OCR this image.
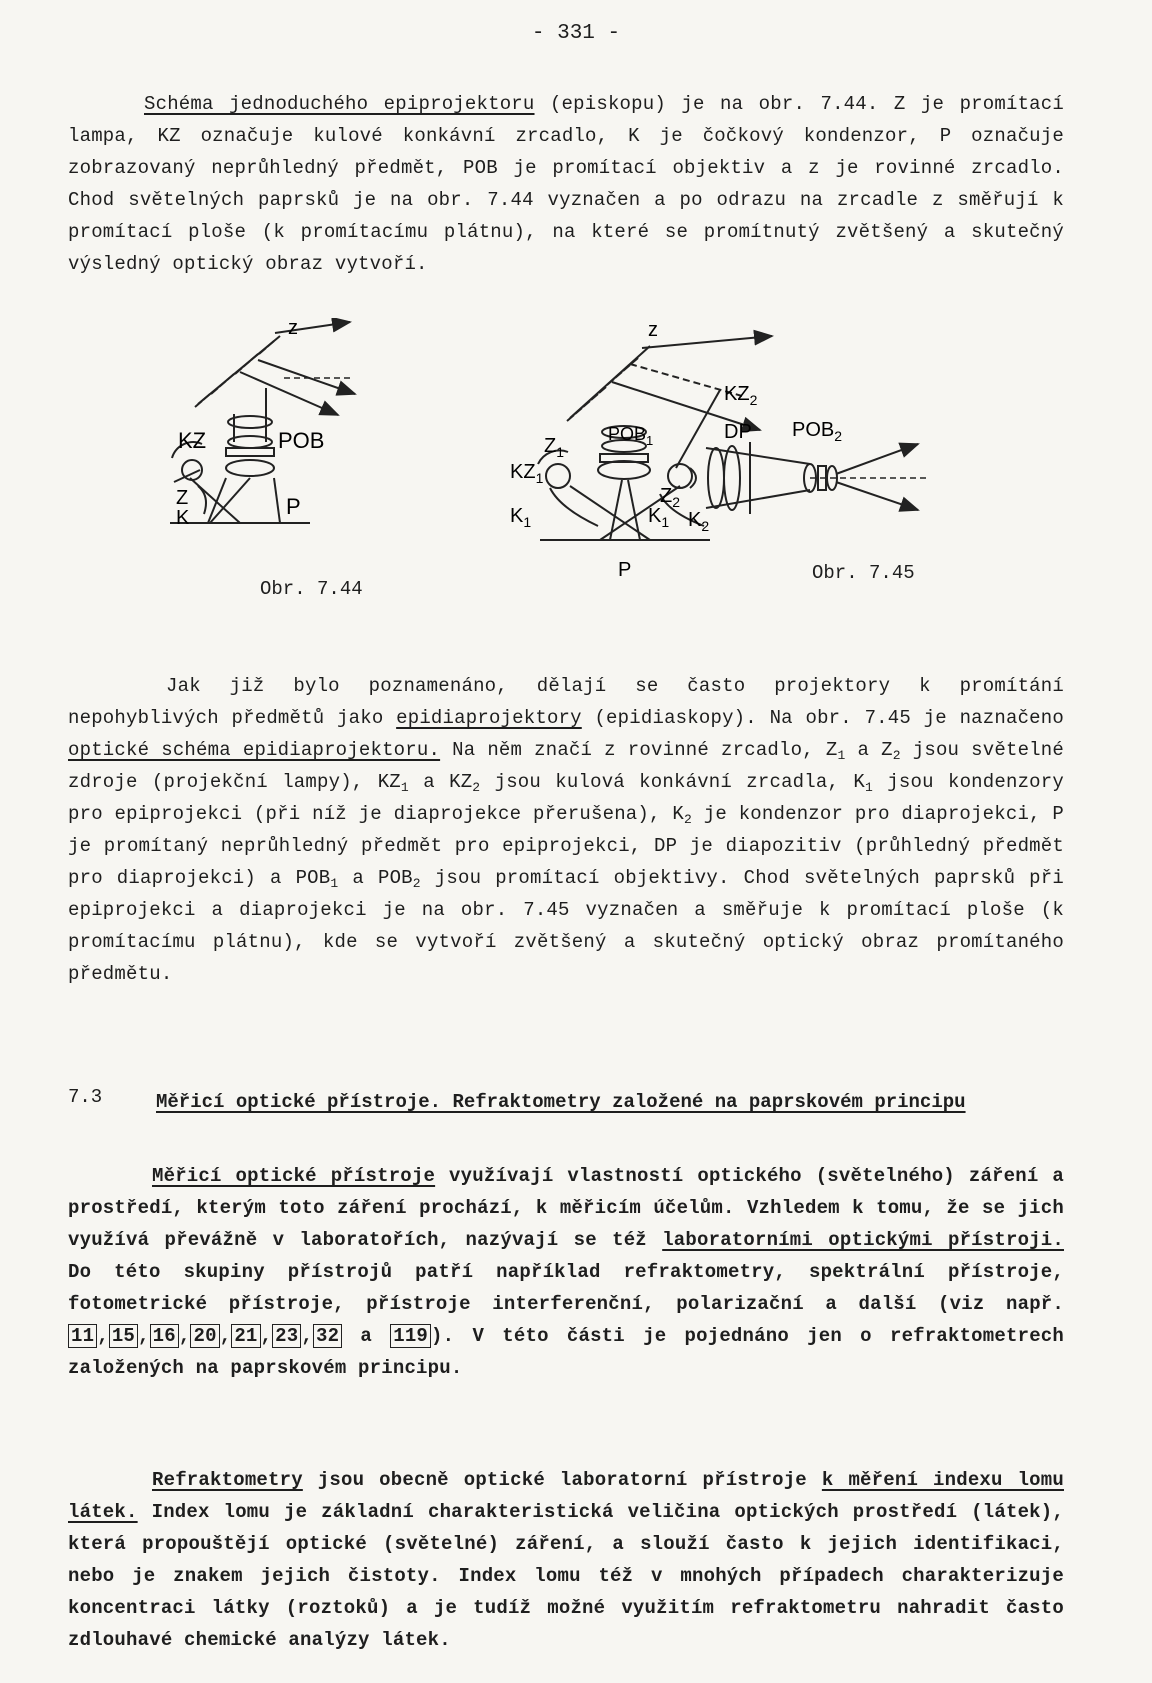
- 331 -

Schéma jednoduchého epiprojektoru (episkopu) je na obr. 7.44. Z je promítací lampa, KZ označuje kulové konkávní zrcadlo, K je čočkový kondenzor, P označuje zobrazovaný neprůhledný předmět, POB je promítací objektiv a z je rovinné zrcadlo. Chod světelných paprsků je na obr. 7.44 vyznačen a po odrazu na zrcadle z směřují k promítací ploše (k promítacímu plátnu), na které se promítnutý zvětšený a skutečný výsledný optický obraz vytvoří.

z
KZ	POB
Z
K	P
Obr. 7.44
z
$KZ_2$
DP $POB_2$
$POB_1$
$Z_1$
$KZ_1$
$K_1$	$K_1$
$Z_2$
$K_2$
P	Obr. 7.45

Jak již bylo poznamenáno, dělají se často projektory k promítání nepohyblivých předmětů jako epidiaprojektory (epidiaskopy). Na obr. 7.45 je naznačeno optické schéma epidiaprojektoru. Na něm značí z rovinné zrcadlo, $Z_1$ a $Z_2$ jsou světelné zdroje (projekční lampy), $KZ_1$ a $KZ_2$ jsou kulová konkávní zrcadla, $K_1$ jsou kondenzory pro epiprojekci (při níž je diaprojekce přerušena), $K_2$ je kondenzor pro diaprojekci, P je promítaný neprůhledný předmět pro epiprojekci, DP je diapozitiv (průhledný předmět pro diaprojekci) a $POB_1$ a $POB_2$ jsou promítací objektivy. Chod světelných paprsků při epiprojekci a diaprojekci je na obr. 7.45 vyznačen a směřuje k promítací ploše (k promítacímu plátnu), kde se vytvoří zvětšený a skutečný optický obraz promítaného předmětu.

7.3	Měřicí optické přístroje. Refraktometry založené na paprskovém principu

Měřicí optické přístroje využívají vlastností optického (světelného) záření a prostředí, kterým toto záření prochází, k měřicím účelům. Vzhledem k tomu, že se jich využívá převážně v laboratořích, nazývají se též laboratorními optickými přístroji. Do této skupiny přístrojů patří například refraktometry, spektrální přístroje, fotometrické přístroje, přístroje interferenční, polarizační a další (viz např. 11 , 15 , 16 , 20 , 21 , 23 , 32 a 119 ). V této části je pojednáno jen o refraktometrech založených na paprskovém principu.

Refraktometry jsou obecně optické laboratorní přístroje k měření indexu lomu látek. Index lomu je základní charakteristická veličina optických prostředí (látek), která propouštějí optické (světelné) záření, a slouží často k jejich identifikaci, nebo je znakem jejich čistoty. Index lomu též v mnohých případech charakterizuje koncentraci látky (roztoků) a je tudíž možné využitím refraktometru nahradit často zdlouhavé chemické analýzy látek.
